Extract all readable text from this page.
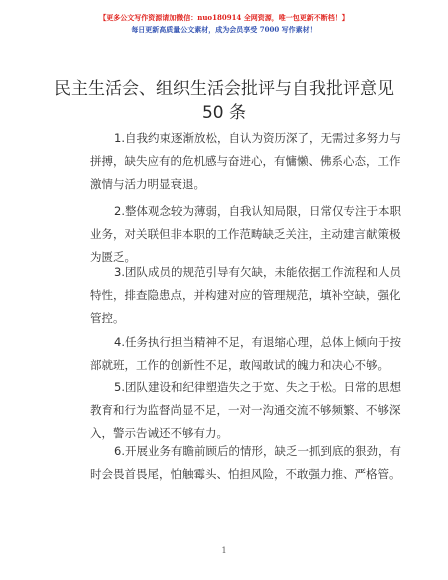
【更多公文写作资源请加微信：nuo180914 全网资源，唯一包更新不断档！】
每日更新高质量公文素材，成为会员享受 7000 写作素材！
民主生活会、组织生活会批评与自我批评意见
50 条
1.自我约束逐渐放松，自认为资历深了，无需过多努力与
拼搏，缺失应有的危机感与奋进心，有慵懒、佛系心态，工作
激情与活力明显衰退。
2.整体观念较为薄弱，自我认知局限，日常仅专注于本职
业务，对关联但非本职的工作范畴缺乏关注，主动建言献策极
为匮乏。
3.团队成员的规范引导有欠缺，未能依据工作流程和人员
特性，排查隐患点，并构建对应的管理规范，填补空缺，强化
管控。
4.任务执行担当精神不足，有退缩心理，总体上倾向于按
部就班，工作的创新性不足，敢闯敢试的魄力和决心不够。
5.团队建设和纪律塑造失之于宽、失之于松。日常的思想
教育和行为监督尚显不足，一对一沟通交流不够频繁、不够深
入，警示告诫还不够有力。
6.开展业务有瞻前顾后的情形，缺乏一抓到底的狠劲，有
时会畏首畏尾，怕触霉头、怕担风险，不敢强力推、严格管。
1
